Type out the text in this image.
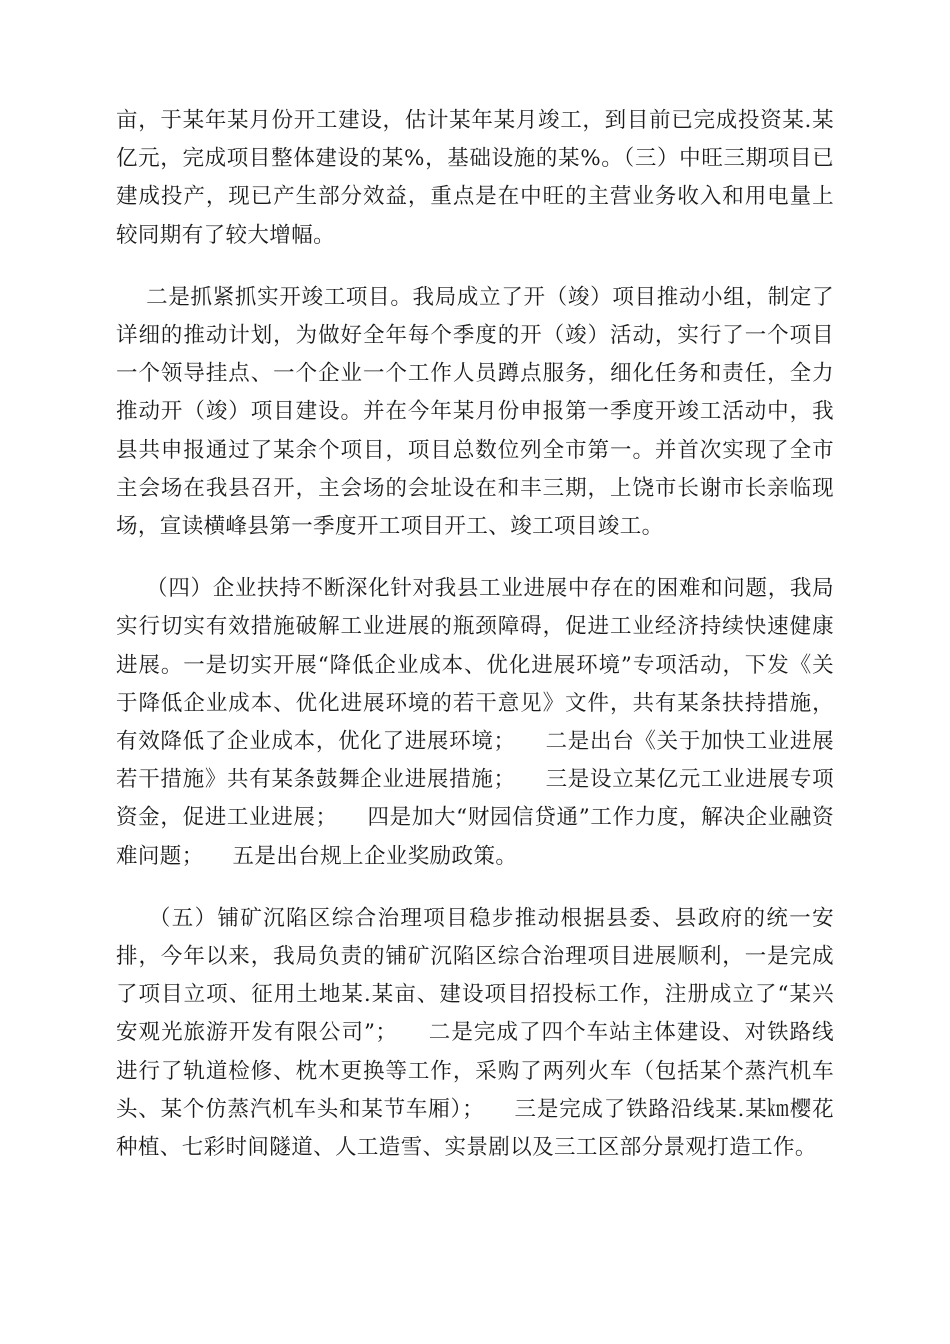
亩，于某年某月份开工建设，估计某年某月竣工，到目前已完成投资某.某亿元，完成项目整体建设的某%，基础设施的某%。（三）中旺三期项目已建成投产，现已产生部分效益，重点是在中旺的主营业务收入和用电量上较同期有了较大增幅。

二是抓紧抓实开竣工项目。我局成立了开（竣）项目推动小组，制定了详细的推动计划，为做好全年每个季度的开（竣）活动，实行了一个项目一个领导挂点、一个企业一个工作人员蹲点服务，细化任务和责任，全力推动开（竣）项目建设。并在今年某月份申报第一季度开竣工活动中，我县共申报通过了某余个项目，项目总数位列全市第一。并首次实现了全市主会场在我县召开，主会场的会址设在和丰三期，上饶市长谢市长亲临现场，宣读横峰县第一季度开工项目开工、竣工项目竣工。

（四）企业扶持不断深化针对我县工业进展中存在的困难和问题，我局实行切实有效措施破解工业进展的瓶颈障碍，促进工业经济持续快速健康进展。一是切实开展“降低企业成本、优化进展环境”专项活动，下发《关于降低企业成本、优化进展环境的若干意见》文件，共有某条扶持措施，有效降低了企业成本，优化了进展环境；    二是出台《关于加快工业进展若干措施》共有某条鼓舞企业进展措施；    三是设立某亿元工业进展专项资金，促进工业进展；    四是加大“财园信贷通”工作力度，解决企业融资难问题；    五是出台规上企业奖励政策。

（五）铺矿沉陷区综合治理项目稳步推动根据县委、县政府的统一安排，今年以来，我局负责的铺矿沉陷区综合治理项目进展顺利，一是完成了项目立项、征用土地某.某亩、建设项目招投标工作，注册成立了“某兴安观光旅游开发有限公司”；    二是完成了四个车站主体建设、对铁路线进行了轨道检修、枕木更换等工作，采购了两列火车（包括某个蒸汽机车头、某个仿蒸汽机车头和某节车厢）；    三是完成了铁路沿线某.某㎞樱花种植、七彩时间隧道、人工造雪、实景剧以及三工区部分景观打造工作。
